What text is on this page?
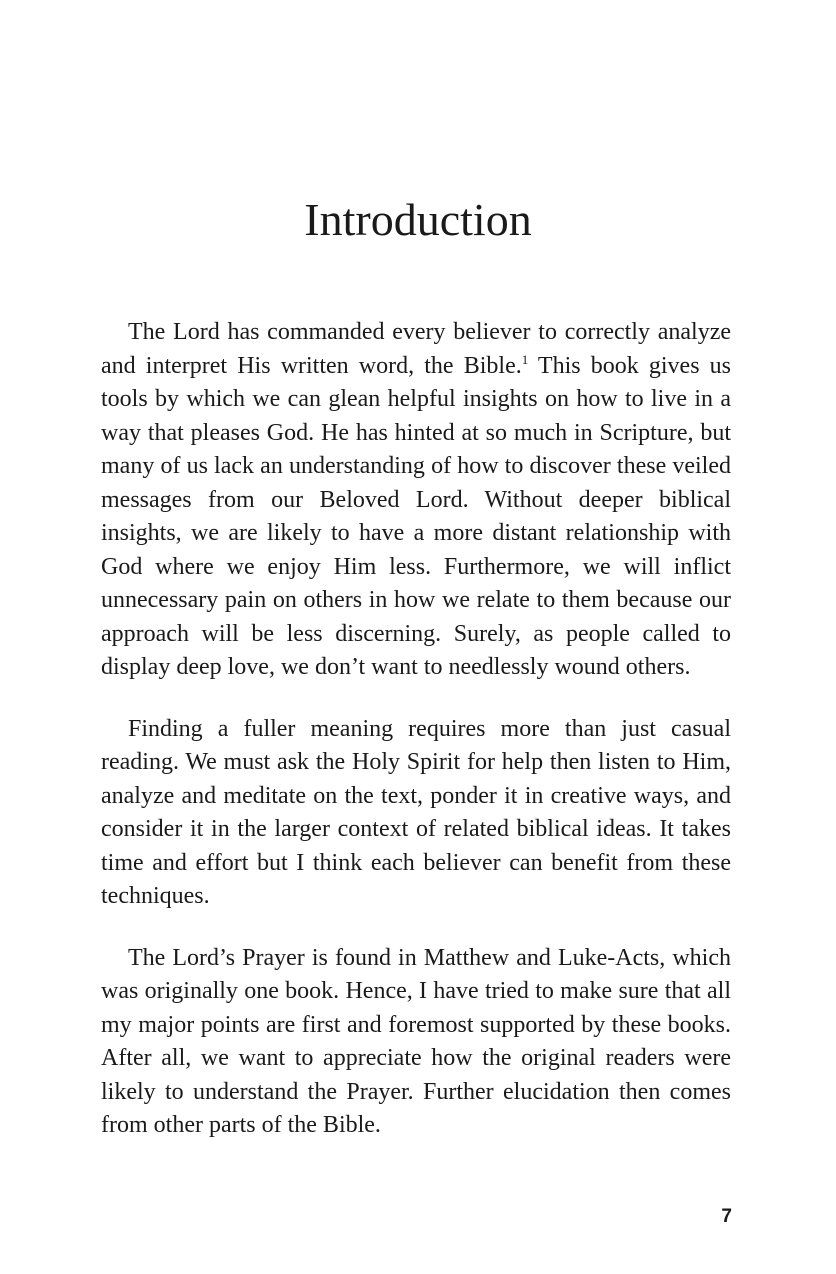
Introduction

The Lord has commanded every believer to correctly analyze and interpret His written word, the Bible.$^1$ This book gives us tools by which we can glean helpful insights on how to live in a way that pleases God. He has hinted at so much in Scripture, but many of us lack an understanding of how to discover these veiled messages from our Beloved Lord. Without deeper biblical insights, we are likely to have a more distant relationship with God where we enjoy Him less. Furthermore, we will inflict unnecessary pain on others in how we relate to them because our approach will be less discerning. Surely, as people called to display deep love, we don’t want to needlessly wound others.

Finding a fuller meaning requires more than just casual reading. We must ask the Holy Spirit for help then listen to Him, analyze and meditate on the text, ponder it in creative ways, and consider it in the larger context of related biblical ideas. It takes time and effort but I think each believer can benefit from these techniques.

The Lord’s Prayer is found in Matthew and Luke-Acts, which was originally one book. Hence, I have tried to make sure that all my major points are first and foremost supported by these books. After all, we want to appreciate how the original readers were likely to understand the Prayer. Further elucidation then comes from other parts of the Bible.

7
